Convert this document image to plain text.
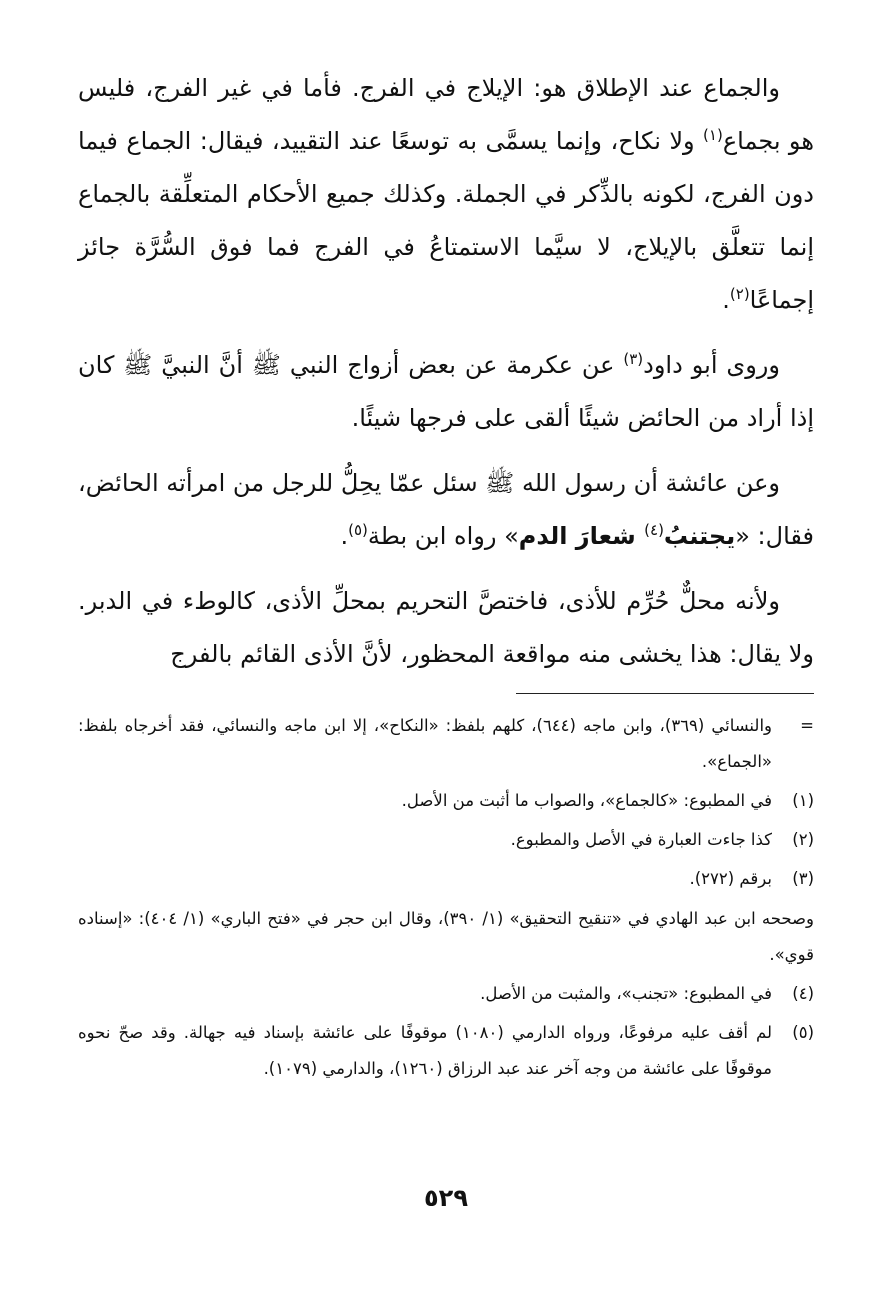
والجماع عند الإطلاق هو: الإيلاج في الفرج. فأما في غير الفرج، فليس هو بجماع$^{(١)}$ ولا نكاح، وإنما يسمَّى به توسعًا عند التقييد، فيقال: الجماع فيما دون الفرج، لكونه بالذِّكر في الجملة. وكذلك جميع الأحكام المتعلِّقة بالجماع إنما تتعلَّق بالإيلاج، لا سيَّما الاستمتاعُ في الفرج فما فوق السُّرَّة جائز إجماعًا$^{(٢)}$.

وروى أبو داود$^{(٣)}$ عن عكرمة عن بعض أزواج النبي ﷺ أنَّ النبيَّ ﷺ كان إذا أراد من الحائض شيئًا ألقى على فرجها شيئًا.

وعن عائشة أن رسول الله ﷺ سئل عمّا يحِلُّ للرجل من امرأته الحائض، فقال: «يجتنبُ$^{(٤)}$ شعارَ الدم» رواه ابن بطة$^{(٥)}$.

ولأنه محلٌّ حُرِّم للأذى، فاختصَّ التحريم بمحلِّ الأذى، كالوطء في الدبر. ولا يقال: هذا يخشى منه مواقعة المحظور، لأنَّ الأذى القائم بالفرج

=
والنسائي (٣٦٩)، وابن ماجه (٦٤٤)، كلهم بلفظ: «النكاح»، إلا ابن ماجه والنسائي، فقد أخرجاه بلفظ: «الجماع».
(١)
في المطبوع: «كالجماع»، والصواب ما أثبت من الأصل.
(٢)
كذا جاءت العبارة في الأصل والمطبوع.
(٣)
برقم (٢٧٢).
وصححه ابن عبد الهادي في «تنقيح التحقيق» (١/ ٣٩٠)، وقال ابن حجر في «فتح الباري» (١/ ٤٠٤): «إسناده قوي».
(٤)
في المطبوع: «تجنب»، والمثبت من الأصل.
(٥)
لم أقف عليه مرفوعًا، ورواه الدارمي (١٠٨٠) موقوفًا على عائشة بإسناد فيه جهالة. وقد صحّ نحوه موقوفًا على عائشة من وجه آخر عند عبد الرزاق (١٢٦٠)، والدارمي (١٠٧٩).
٥٢٩
